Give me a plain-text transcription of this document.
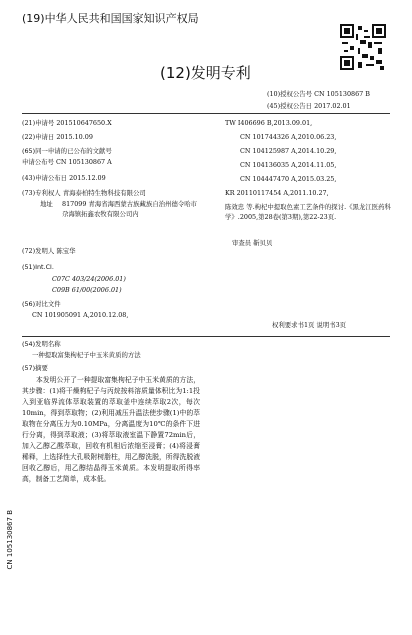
(19)中华人民共和国国家知识产权局
(12)发明专利
(10)授权公告号 CN 105130867 B
(45)授权公告日 2017.02.01
(21)申请号 201510647650.X
(22)申请日 2015.10.09
(65)同一申请的已公布的文献号
申请公布号 CN 105130867 A
(43)申请公布日 2015.12.09
(73)专利权人 青海泰柏特生物科技有限公司
地址	817099 青海省海西蒙古族藏族自治州德令哈市尕海镇拓鑫农牧有限公司内
(72)发明人 陈宝华
(51)Int.Cl.
C07C 403/24(2006.01)
C09B 61/00(2006.01)
(56)对比文件
CN 101905091 A,2010.12.08,
(54)发明名称
一种提取富集枸杞子中玉米黄质的方法
(57)摘要
本发明公开了一种提取富集枸杞子中玉米黄质的方法，其步骤：(1)将干燥枸杞子与丙烷按料溶质量体积比为1:1投入到亚临界流体萃取装置的萃取釜中连续萃取2次，每次10min，得到萃取物；(2)利用减压升温法使步骤(1)中的萃取物在分离压力为0.10MPa，分离温度为10℃的条件下进行分离，得到萃取液；(3)将萃取液室温下静置72min后，加入乙醇乙酸萃取，回收有机相后浓缩至浸膏；(4)将浸膏稀释，上选择性大孔吸附树脂柱，用乙醇洗脱，所得洗脱液回收乙醇后，用乙醇结晶得玉米黄质。本发明提取所得率高，制备工艺简单，成本低。
TW I406696 B,2013.09.01,
CN 101744326 A,2010.06.23,
CN 104125987 A,2014.10.29,
CN 104136035 A,2014.11.05,
CN 104447470 A,2015.03.25,
KR 20110117454 A,2011.10.27,
陈效忠 等.枸杞中提取色素工艺条件的探讨.《黑龙江医药科学》.2005,第28卷(第3期),第22-23页.
审查员 靳贝贝
权利要求书1页 说明书3页
CN 105130867 B
